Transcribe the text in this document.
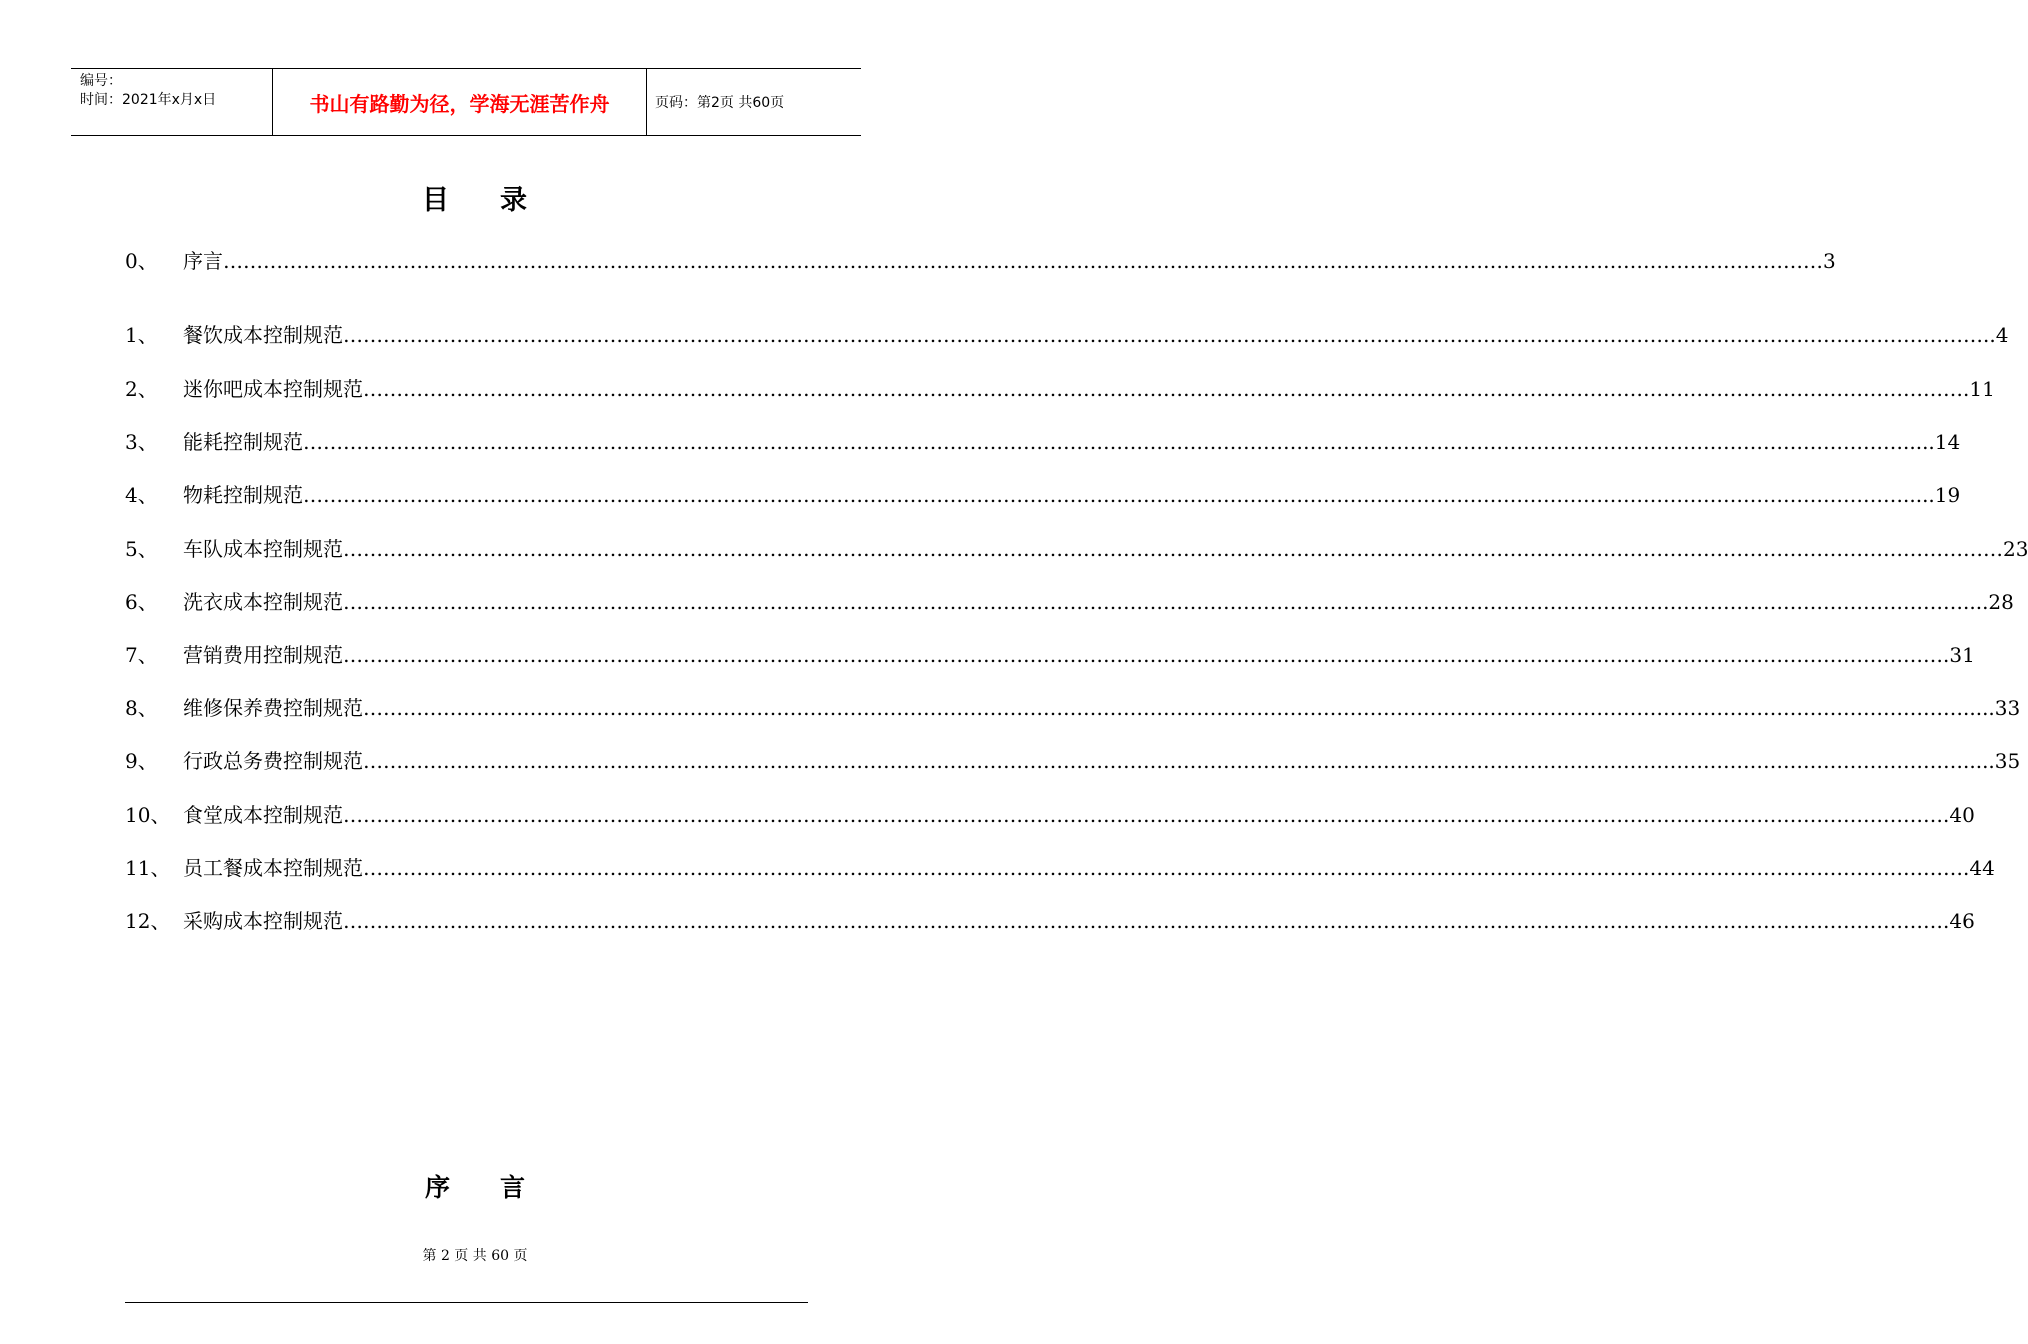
编号：
时间：2021年x月x日	书山有路勤为径，学海无涯苦作舟	页码：第2页 共60页
目 录
0、	序言 …………………………………………………………………………………………………………………………………………………………………………………………………………………… 3
1、	餐饮成本控制规范 …………………………………………………………………………………………………………………………………………………………………………………………………………………… ……..4
2、	迷你吧成本控制规范 …………………………………………………………………………………………………………………………………………………………………………………………………………………… .11
3、	能耗控制规范 …………………………………………………………………………………………………………………………………………………………………………………………………………………… .....14
4、	物耗控制规范 …………………………………………………………………………………………………………………………………………………………………………………………………………………… .....19
5、	车队成本控制规范 …………………………………………………………………………………………………………………………………………………………………………………………………………………… ………23
6、	洗衣成本控制规范 …………………………………………………………………………………………………………………………………………………………………………………………………………………… …....28
7、	营销费用控制规范 …………………………………………………………………………………………………………………………………………………………………………………………………………………… .31
8、	维修保养费控制规范 …………………………………………………………………………………………………………………………………………………………………………………………………………………… .....33
9、	行政总务费控制规范 …………………………………………………………………………………………………………………………………………………………………………………………………………………… .....35
10、 食堂成本控制规范 …………………………………………………………………………………………………………………………………………………………………………………………………………………… .40
11、 员工餐成本控制规范 …………………………………………………………………………………………………………………………………………………………………………………………………………………… .44
12、 采购成本控制规范 …………………………………………………………………………………………………………………………………………………………………………………………………………………… .46
序 言
第 2 页 共 60 页
